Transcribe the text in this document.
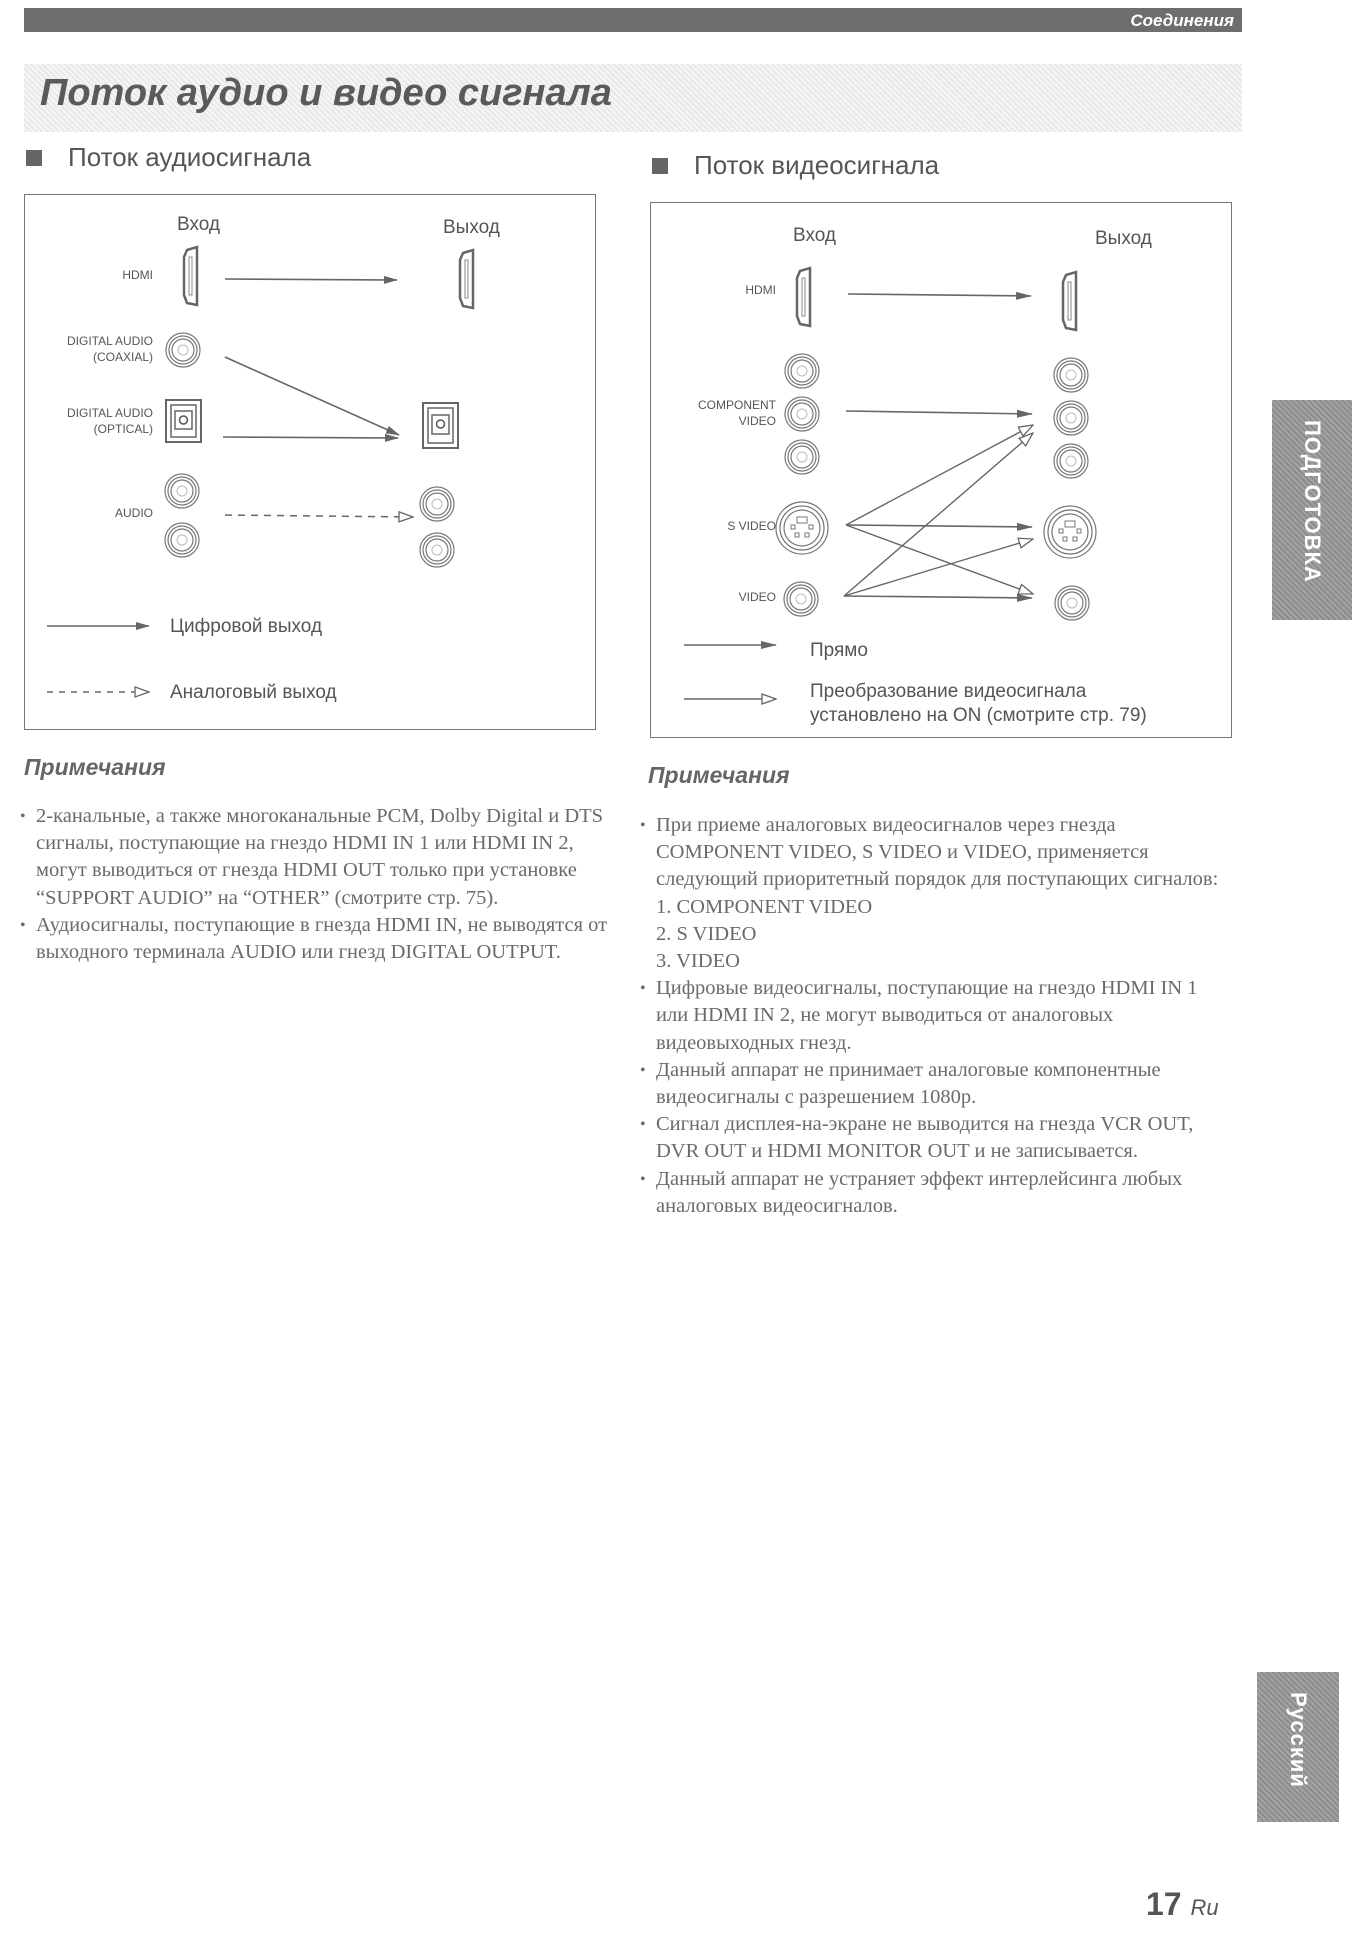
Соединения
Поток аудио и видео сигнала
Поток аудиосигнала	Поток видеосигнала
Вход	Выход
HDMI
DIGITAL AUDIO
(COAXIAL)
DIGITAL AUDIO
(OPTICAL)
AUDIO
Цифровой выход
Аналоговый выход
Вход	Выход
HDMI
COMPONENT
VIDEO
S VIDEO
VIDEO
Прямо
Преобразование видеосигнала
установлено на ON (смотрите стр. 79)
Примечания
• 2-канальные, а также многоканальные PCM, Dolby Digital и DTS сигналы, поступающие на гнездо HDMI IN 1 или HDMI IN 2, могут выводиться от гнезда HDMI OUT только при установке “SUPPORT AUDIO” на “OTHER” (смотрите стр. 75).
• Аудиосигналы, поступающие в гнезда HDMI IN, не выводятся от выходного терминала AUDIO или гнезд DIGITAL OUTPUT.
Примечания
• При приеме аналоговых видеосигналов через гнезда COMPONENT VIDEO, S VIDEO и VIDEO, применяется следующий приоритетный порядок для поступающих сигналов:
1. COMPONENT VIDEO
2. S VIDEO
3. VIDEO
• Цифровые видеосигналы, поступающие на гнездо HDMI IN 1 или HDMI IN 2, не могут выводиться от аналоговых видеовыходных гнезд.
• Данный аппарат не принимает аналоговые компонентные видеосигналы с разрешением 1080p.
• Сигнал дисплея-на-экране не выводится на гнезда VCR OUT, DVR OUT и HDMI MONITOR OUT и не записывается.
• Данный аппарат не устраняет эффект интерлейсинга любых аналоговых видеосигналов.
ПОДГОТОВКА
Русский
17 Ru
